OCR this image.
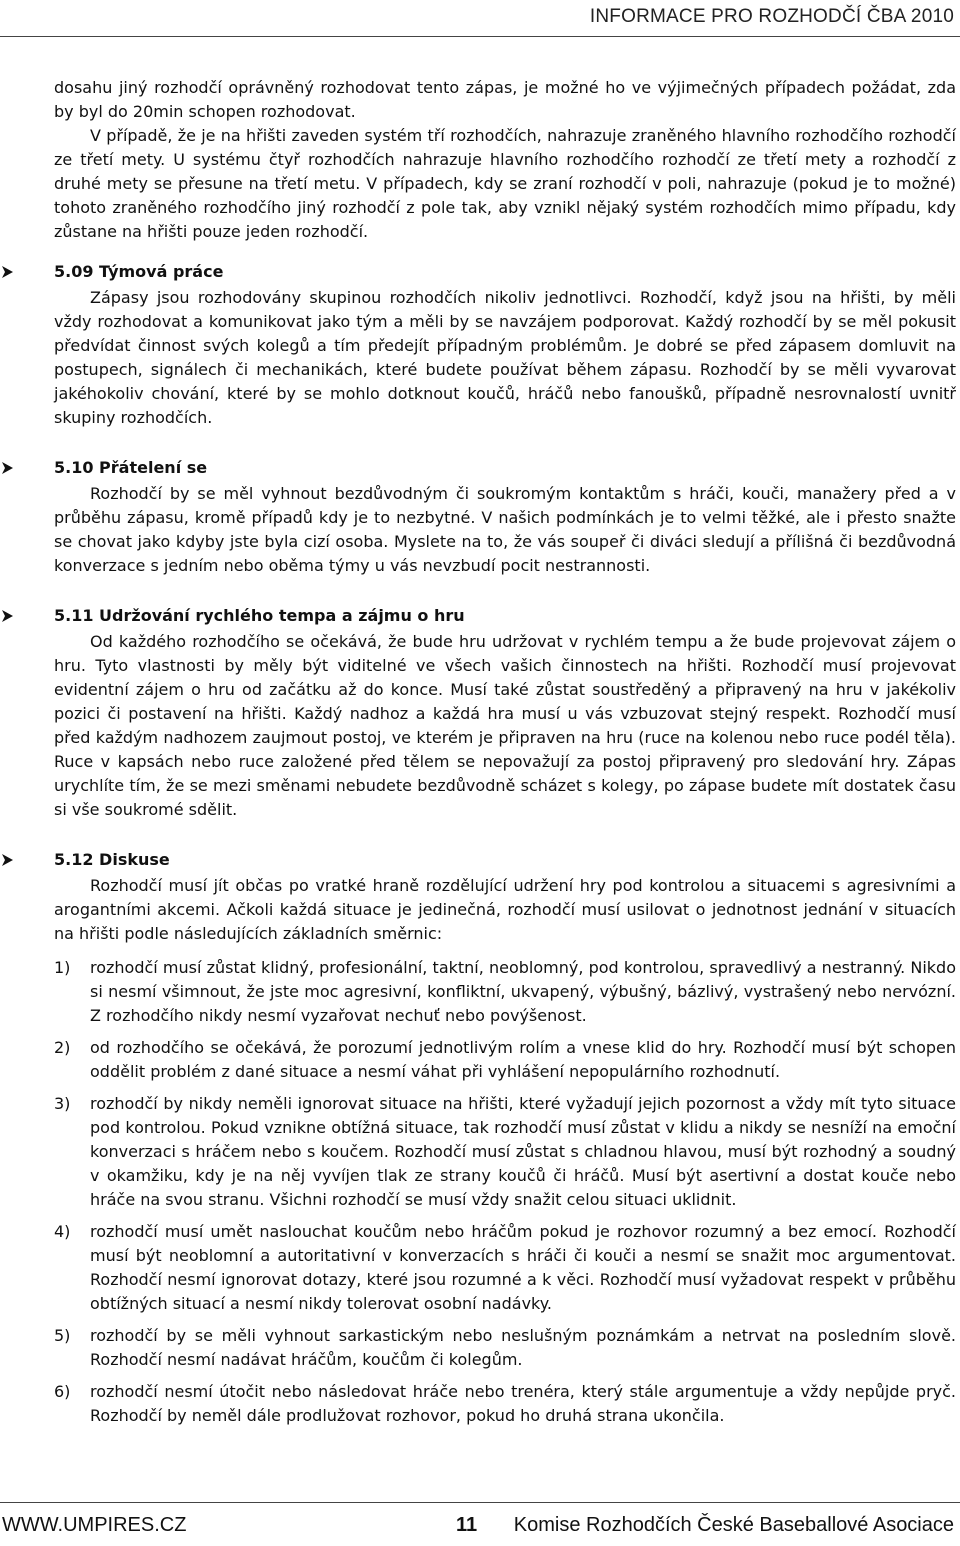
INFORMACE PRO ROZHODČÍ ČBA 2010

dosahu jiný rozhodčí oprávněný rozhodovat tento zápas, je možné ho ve výjimečných případech požádat, zda by byl do 20min schopen rozhodovat.

V případě, že je na hřišti zaveden systém tří rozhodčích, nahrazuje zraněného hlavního rozhodčího rozhodčí ze třetí mety. U systému čtyř rozhodčích nahrazuje hlavního rozhodčího rozhodčí ze třetí mety a rozhodčí z druhé mety se přesune na třetí metu. V případech, kdy se zraní rozhodčí v poli, nahrazuje (pokud je to možné) tohoto zraněného rozhodčího jiný rozhodčí z pole tak, aby vznikl nějaký systém rozhodčích mimo případu, kdy zůstane na hřišti pouze jeden rozhodčí.

5.09 Týmová práce

Zápasy jsou rozhodovány skupinou rozhodčích nikoliv jednotlivci. Rozhodčí, když jsou na hřišti, by měli vždy rozhodovat a komunikovat jako tým a měli by se navzájem podporovat. Každý rozhodčí by se měl pokusit předvídat činnost svých kolegů a tím předejít případným problémům. Je dobré se před zápasem domluvit na postupech, signálech či mechanikách, které budete používat během zápasu. Rozhodčí by se měli vyvarovat jakéhokoliv chování, které by se mohlo dotknout koučů, hráčů nebo fanoušků, případně nesrovnalostí uvnitř skupiny rozhodčích.

5.10 Přátelení se

Rozhodčí by se měl vyhnout bezdůvodným či soukromým kontaktům s hráči, kouči, manažery před a v průběhu zápasu, kromě případů kdy je to nezbytné. V našich podmínkách je to velmi těžké, ale i přesto snažte se chovat jako kdyby jste byla cizí osoba. Myslete na to, že vás soupeř či diváci sledují a přílišná či bezdůvodná konverzace s jedním nebo oběma týmy u vás nevzbudí pocit nestrannosti.

5.11 Udržování rychlého tempa a zájmu o hru

Od každého rozhodčího se očekává, že bude hru udržovat v rychlém tempu a že bude projevovat zájem o hru. Tyto vlastnosti by měly být viditelné ve všech vašich činnostech na hřišti. Rozhodčí musí projevovat evidentní zájem o hru od začátku až do konce. Musí také zůstat soustředěný a připravený na hru v jakékoliv pozici či postavení na hřišti. Každý nadhoz a každá hra musí u vás vzbuzovat stejný respekt. Rozhodčí musí před každým nadhozem zaujmout postoj, ve kterém je připraven na hru (ruce na kolenou nebo ruce podél těla). Ruce v kapsách nebo ruce založené před tělem se nepovažují za postoj připravený pro sledování hry. Zápas urychlíte tím, že se mezi směnami nebudete bezdůvodně scházet s kolegy, po zápase budete mít dostatek času si vše soukromé sdělit.

5.12 Diskuse

Rozhodčí musí jít občas po vratké hraně rozdělující udržení hry pod kontrolou a situacemi s agresivními a arogantními akcemi. Ačkoli každá situace je jedinečná, rozhodčí musí usilovat o jednotnost jednání v situacích na hřišti podle následujících základních směrnic:

1) rozhodčí musí zůstat klidný, profesionální, taktní, neoblomný, pod kontrolou, spravedlivý a nestranný. Nikdo si nesmí všimnout, že jste moc agresivní, konfliktní, ukvapený, výbušný, bázlivý, vystrašený nebo nervózní. Z rozhodčího nikdy nesmí vyzařovat nechuť nebo povýšenost.
2) od rozhodčího se očekává, že porozumí jednotlivým rolím a vnese klid do hry. Rozhodčí musí být schopen oddělit problém z dané situace a nesmí váhat při vyhlášení nepopulárního rozhodnutí.
3) rozhodčí by nikdy neměli ignorovat situace na hřišti, které vyžadují jejich pozornost a vždy mít tyto situace pod kontrolou. Pokud vznikne obtížná situace, tak rozhodčí musí zůstat v klidu a nikdy se nesníží na emoční konverzaci s hráčem nebo s koučem. Rozhodčí musí zůstat s chladnou hlavou, musí být rozhodný a soudný v okamžiku, kdy je na něj vyvíjen tlak ze strany koučů či hráčů. Musí být asertivní a dostat kouče nebo hráče na svou stranu. Všichni rozhodčí se musí vždy snažit celou situaci uklidnit.
4) rozhodčí musí umět naslouchat koučům nebo hráčům pokud je rozhovor rozumný a bez emocí. Rozhodčí musí být neoblomní a autoritativní v konverzacích s hráči či kouči a nesmí se snažit moc argumentovat. Rozhodčí nesmí ignorovat dotazy, které jsou rozumné a k věci. Rozhodčí musí vyžadovat respekt v průběhu obtížných situací a nesmí nikdy tolerovat osobní nadávky.
5) rozhodčí by se měli vyhnout sarkastickým nebo neslušným poznámkám a netrvat na posledním slově. Rozhodčí nesmí nadávat hráčům, koučům či kolegům.
6) rozhodčí nesmí útočit nebo následovat hráče nebo trenéra, který stále argumentuje a vždy nepůjde pryč. Rozhodčí by neměl dále prodlužovat rozhovor, pokud ho druhá strana ukončila.
WWW.UMPIRES.CZ	11 Komise Rozhodčích České Baseballové Asociace
